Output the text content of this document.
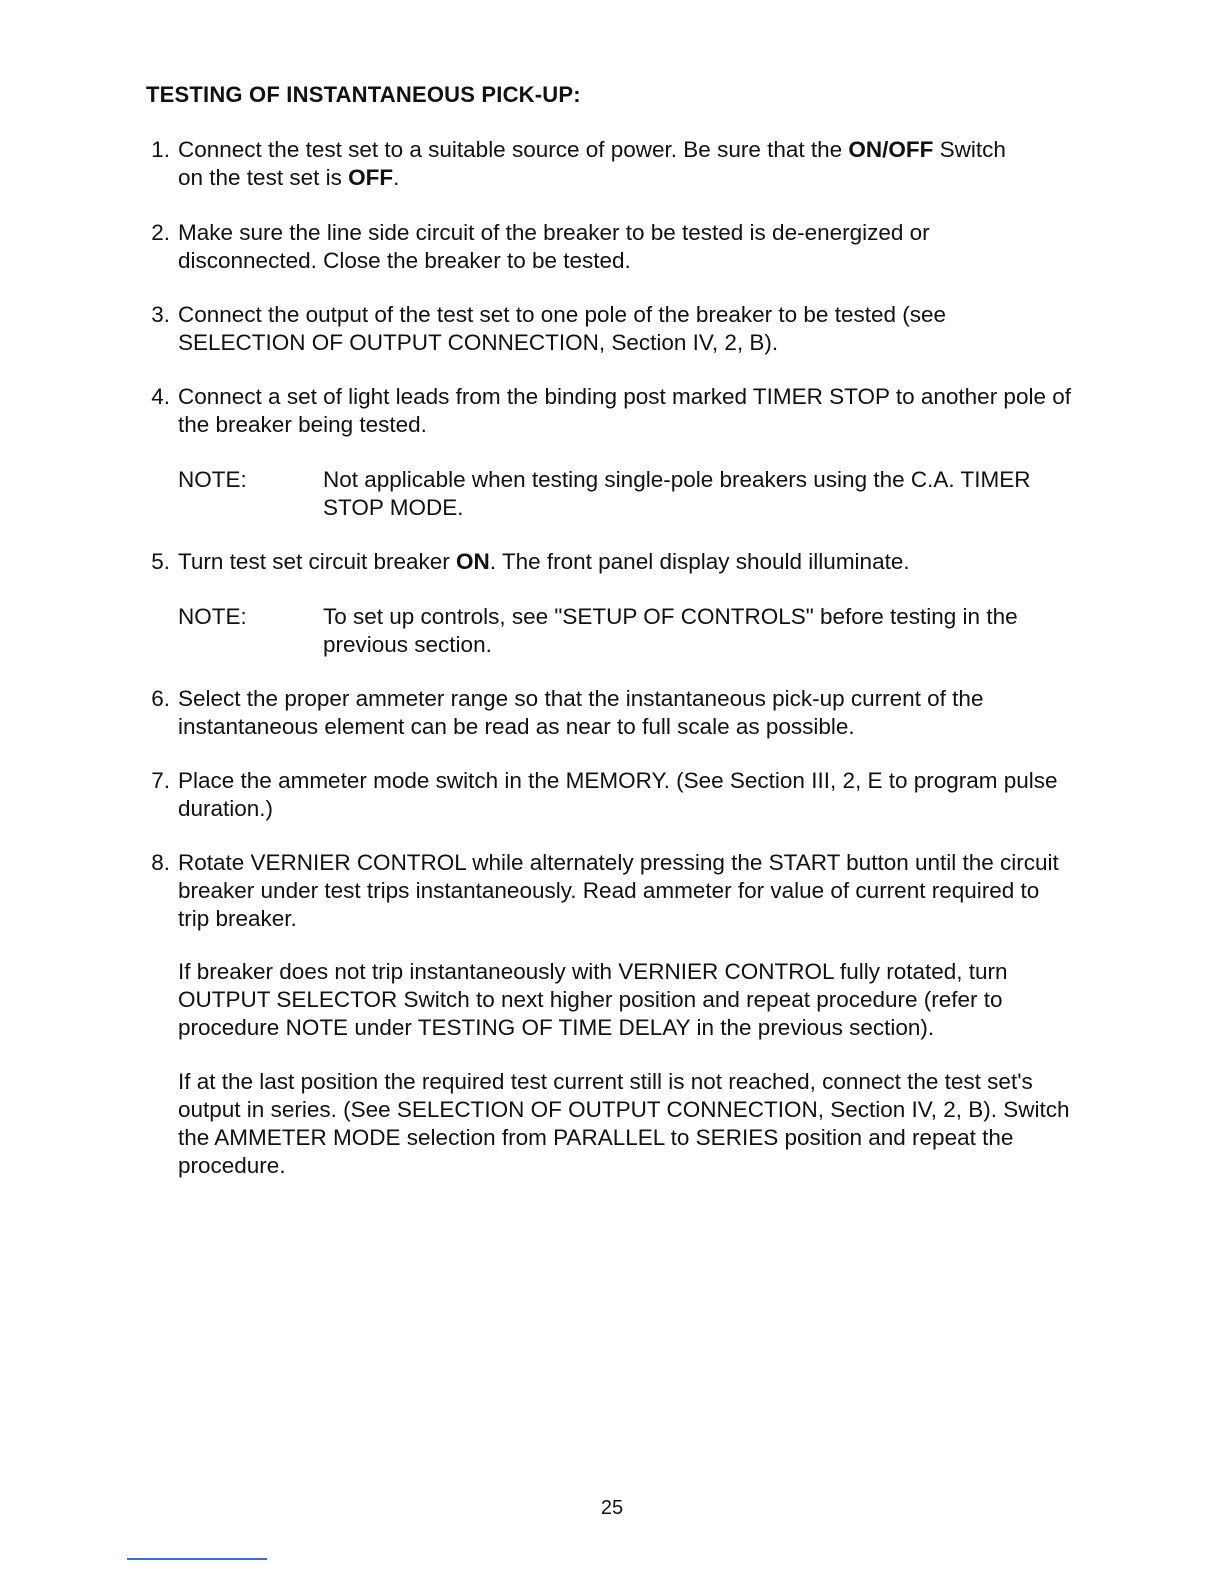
TESTING OF INSTANTANEOUS PICK-UP:
1. Connect the test set to a suitable source of power. Be sure that the ON/OFF Switch
on the test set is OFF.
2. Make sure the line side circuit of the breaker to be tested is de-energized or disconnected. Close the breaker to be tested.
3. Connect the output of the test set to one pole of the breaker to be tested (see SELECTION OF OUTPUT CONNECTION, Section IV, 2, B).
4. Connect a set of light leads from the binding post marked TIMER STOP to another pole of the breaker being tested.
NOTE:	Not applicable when testing single-pole breakers using the C.A. TIMER STOP MODE.
5. Turn test set circuit breaker ON. The front panel display should illuminate.
NOTE:	To set up controls, see "SETUP OF CONTROLS" before testing in the previous section.
6. Select the proper ammeter range so that the instantaneous pick-up current of the instantaneous element can be read as near to full scale as possible.
7. Place the ammeter mode switch in the MEMORY. (See Section III, 2, E to program pulse duration.)
8. Rotate VERNIER CONTROL while alternately pressing the START button until the circuit breaker under test trips instantaneously. Read ammeter for value of current required to trip breaker.
If breaker does not trip instantaneously with VERNIER CONTROL fully rotated, turn OUTPUT SELECTOR Switch to next higher position and repeat procedure (refer to procedure NOTE under TESTING OF TIME DELAY in the previous section).
If at the last position the required test current still is not reached, connect the test set's output in series. (See SELECTION OF OUTPUT CONNECTION, Section IV, 2, B). Switch the AMMETER MODE selection from PARALLEL to SERIES position and repeat the procedure.
25
